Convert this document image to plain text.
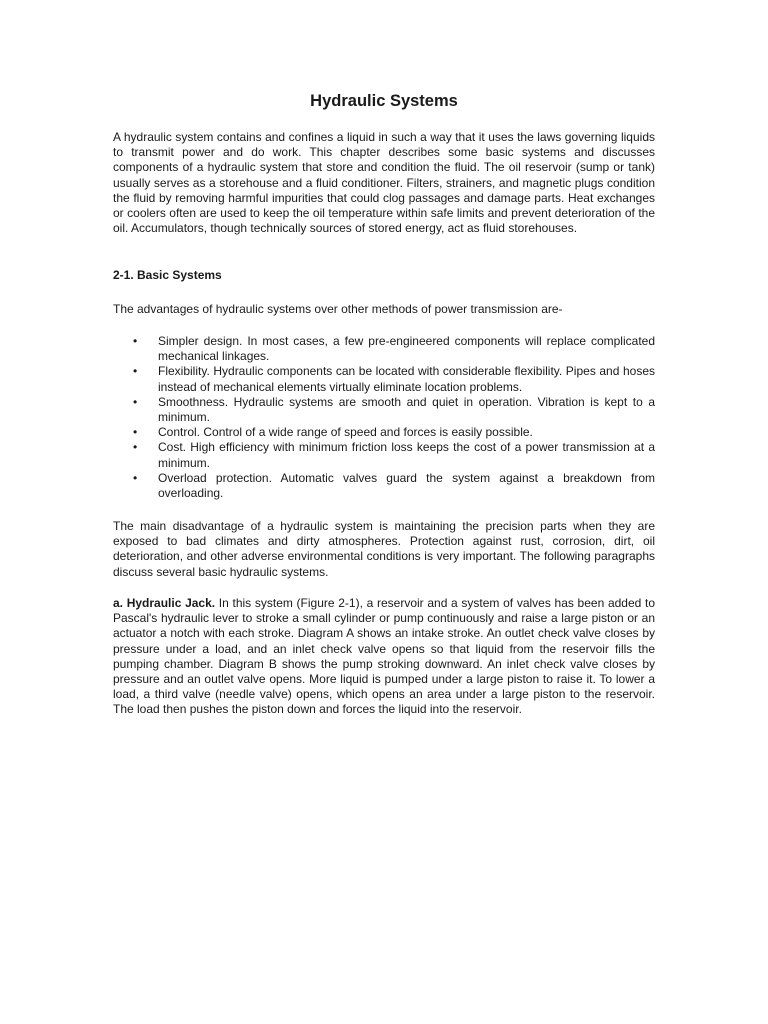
Hydraulic Systems

A hydraulic system contains and confines a liquid in such a way that it uses the laws governing liquids to transmit power and do work. This chapter describes some basic systems and discusses components of a hydraulic system that store and condition the fluid. The oil reservoir (sump or tank) usually serves as a storehouse and a fluid conditioner. Filters, strainers, and magnetic plugs condition the fluid by removing harmful impurities that could clog passages and damage parts. Heat exchanges or coolers often are used to keep the oil temperature within safe limits and prevent deterioration of the oil. Accumulators, though technically sources of stored energy, act as fluid storehouses.

2-1. Basic Systems

The advantages of hydraulic systems over other methods of power transmission are-

• Simpler design. In most cases, a few pre-engineered components will replace complicated mechanical linkages.
• Flexibility. Hydraulic components can be located with considerable flexibility. Pipes and hoses instead of mechanical elements virtually eliminate location problems.
• Smoothness. Hydraulic systems are smooth and quiet in operation. Vibration is kept to a minimum.
• Control. Control of a wide range of speed and forces is easily possible.
• Cost. High efficiency with minimum friction loss keeps the cost of a power transmission at a minimum.
• Overload protection. Automatic valves guard the system against a breakdown from overloading.

The main disadvantage of a hydraulic system is maintaining the precision parts when they are exposed to bad climates and dirty atmospheres. Protection against rust, corrosion, dirt, oil deterioration, and other adverse environmental conditions is very important. The following paragraphs discuss several basic hydraulic systems.

a. Hydraulic Jack. In this system (Figure 2-1), a reservoir and a system of valves has been added to Pascal's hydraulic lever to stroke a small cylinder or pump continuously and raise a large piston or an actuator a notch with each stroke. Diagram A shows an intake stroke. An outlet check valve closes by pressure under a load, and an inlet check valve opens so that liquid from the reservoir fills the pumping chamber. Diagram B shows the pump stroking downward. An inlet check valve closes by pressure and an outlet valve opens. More liquid is pumped under a large piston to raise it. To lower a load, a third valve (needle valve) opens, which opens an area under a large piston to the reservoir. The load then pushes the piston down and forces the liquid into the reservoir.
